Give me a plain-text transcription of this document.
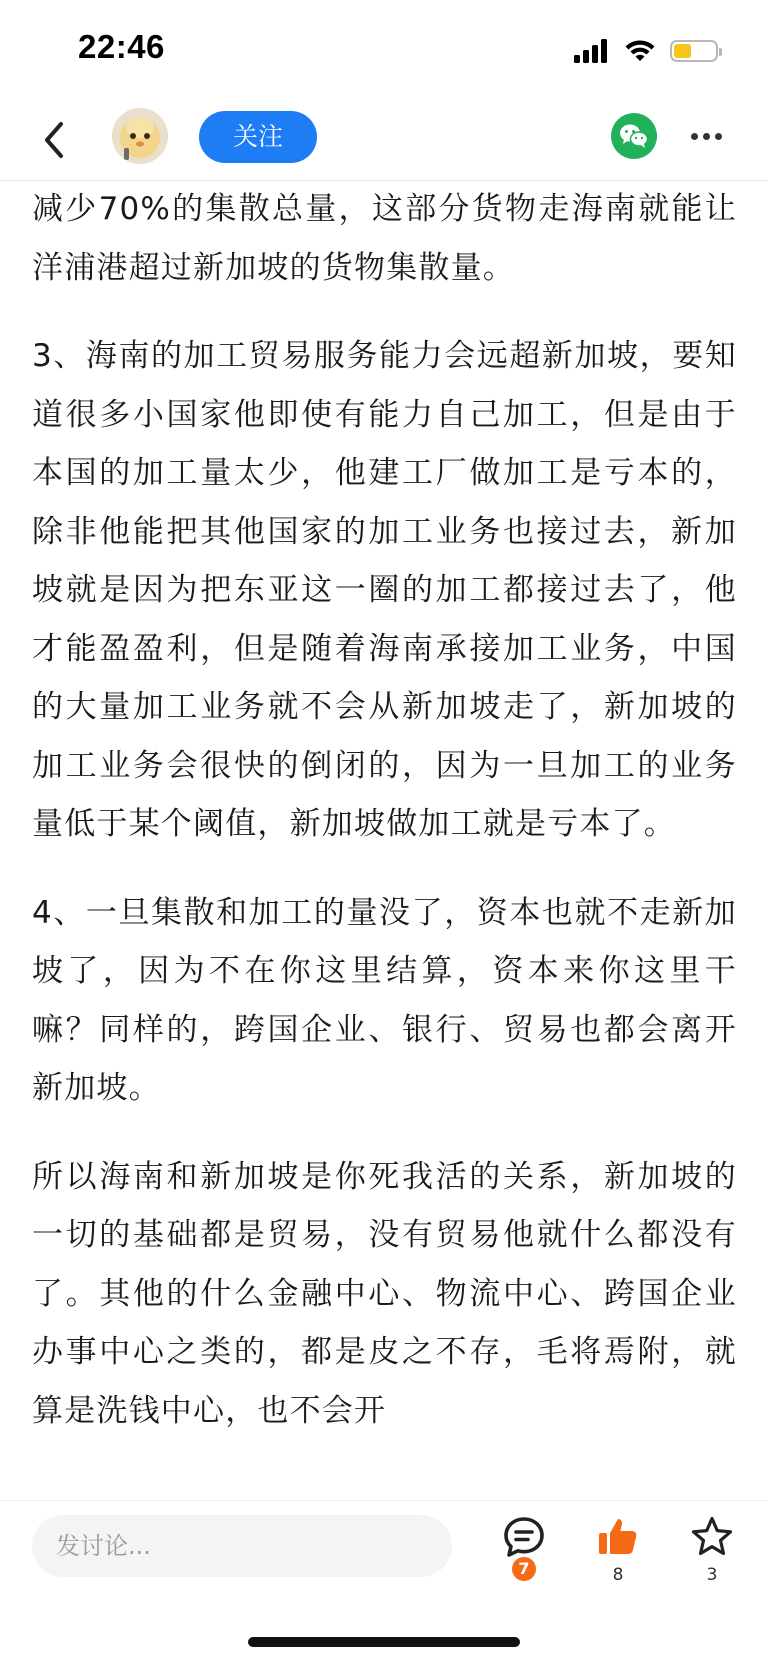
22:46
关注

减少70%的集散总量，这部分货物走海南就能让洋浦港超过新加坡的货物集散量。

3、海南的加工贸易服务能力会远超新加坡，要知道很多小国家他即使有能力自己加工，但是由于本国的加工量太少，他建工厂做加工是亏本的，除非他能把其他国家的加工业务也接过去，新加坡就是因为把东亚这一圈的加工都接过去了，他才能盈盈利，但是随着海南承接加工业务，中国的大量加工业务就不会从新加坡走了，新加坡的加工业务会很快的倒闭的，因为一旦加工的业务量低于某个阈值，新加坡做加工就是亏本了。

4、一旦集散和加工的量没了，资本也就不走新加坡了，因为不在你这里结算，资本来你这里干嘛？同样的，跨国企业、银行、贸易也都会离开新加坡。

所以海南和新加坡是你死我活的关系，新加坡的一切的基础都是贸易，没有贸易他就什么都没有了。其他的什么金融中心、物流中心、跨国企业办事中心之类的，都是皮之不存，毛将焉附，就算是洗钱中心，也不会开

发讨论...
7	8	3
